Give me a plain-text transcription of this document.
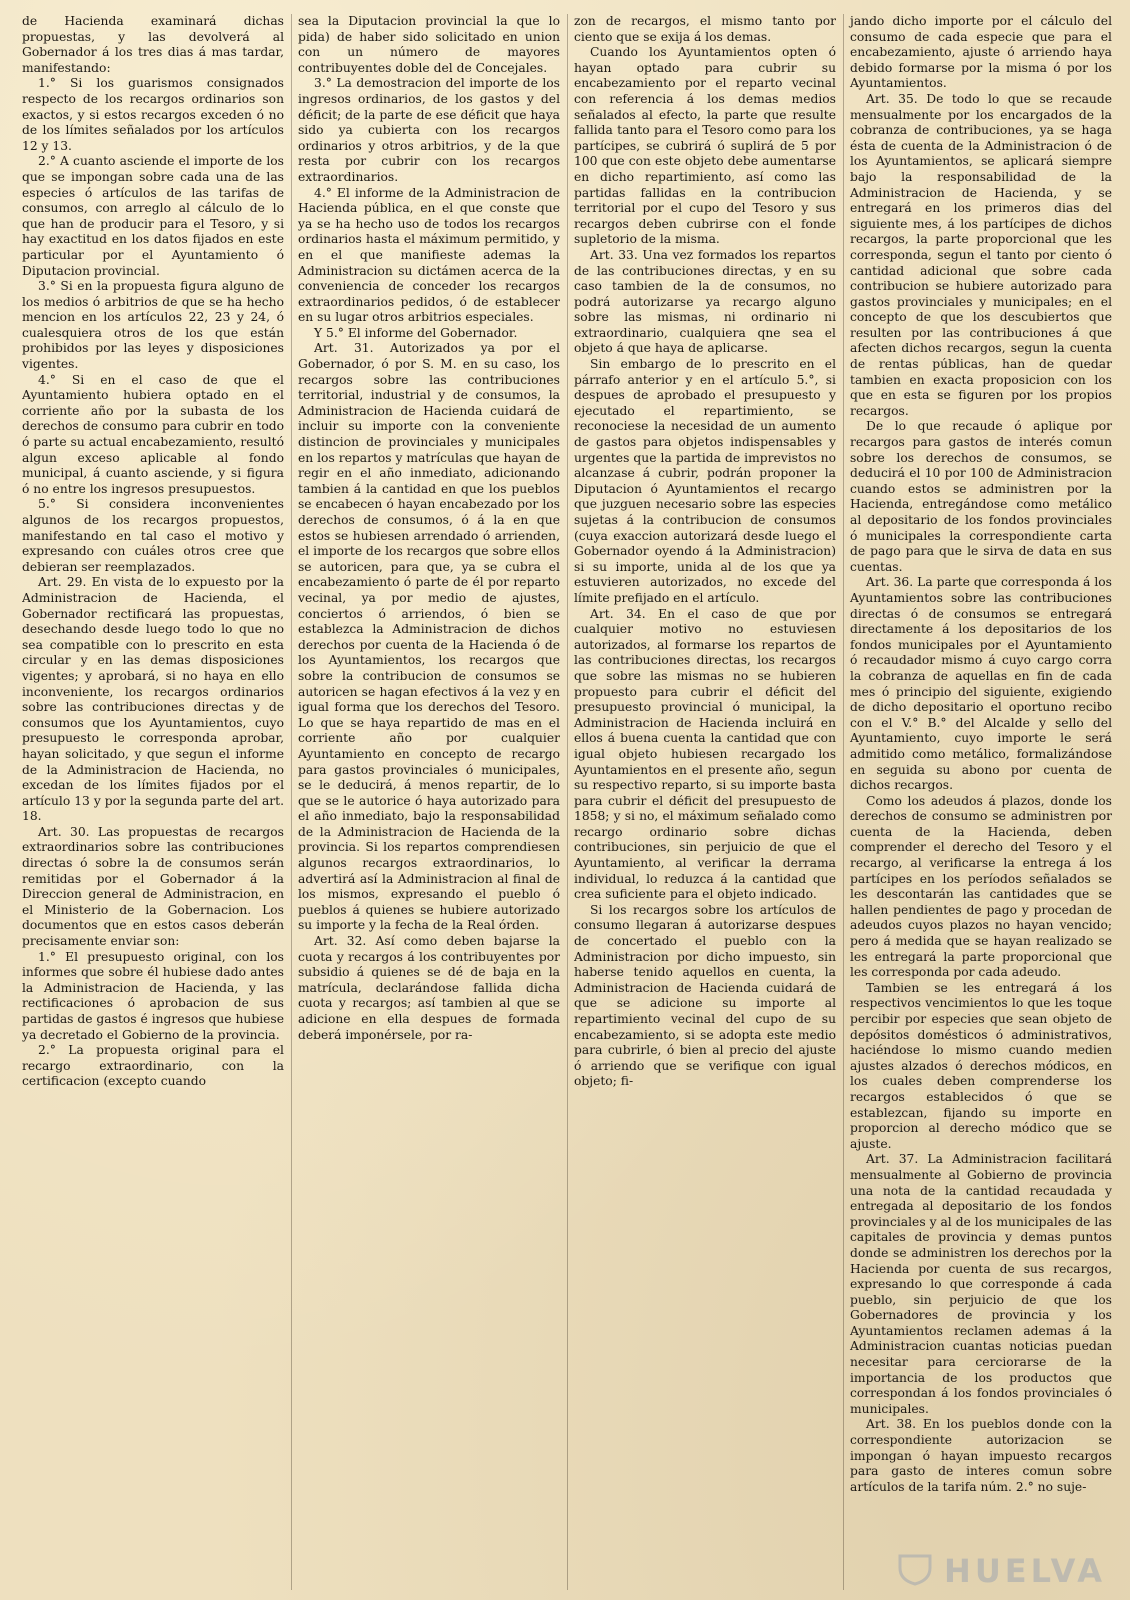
de Hacienda examinará dichas propuestas, y las devolverá al Gobernador á los tres dias á mas tardar, manifestando:

1.° Si los guarismos consignados respecto de los recargos ordinarios son exactos, y si estos recargos exceden ó no de los límites señalados por los artículos 12 y 13.

2.° A cuanto asciende el importe de los que se impongan sobre cada una de las especies ó artículos de las tarifas de consumos, con arreglo al cálculo de lo que han de producir para el Tesoro, y si hay exactitud en los datos fijados en este particular por el Ayuntamiento ó Diputacion provincial.

3.° Si en la propuesta figura alguno de los medios ó arbitrios de que se ha hecho mencion en los artículos 22, 23 y 24, ó cualesquiera otros de los que están prohibidos por las leyes y disposiciones vigentes.

4.° Si en el caso de que el Ayuntamiento hubiera optado en el corriente año por la subasta de los derechos de consumo para cubrir en todo ó parte su actual encabezamiento, resultó algun exceso aplicable al fondo municipal, á cuanto asciende, y si figura ó no entre los ingresos presupuestos.

5.° Si considera inconvenientes algunos de los recargos propuestos, manifestando en tal caso el motivo y expresando con cuáles otros cree que debieran ser reemplazados.

Art. 29. En vista de lo expuesto por la Administracion de Hacienda, el Gobernador rectificará las propuestas, desechando desde luego todo lo que no sea compatible con lo prescrito en esta circular y en las demas disposiciones vigentes; y aprobará, si no haya en ello inconveniente, los recargos ordinarios sobre las contribuciones directas y de consumos que los Ayuntamientos, cuyo presupuesto le corresponda aprobar, hayan solicitado, y que segun el informe de la Administracion de Hacienda, no excedan de los límites fijados por el artículo 13 y por la segunda parte del art. 18.

Art. 30. Las propuestas de recargos extraordinarios sobre las contribuciones directas ó sobre la de consumos serán remitidas por el Gobernador á la Direccion general de Administracion, en el Ministerio de la Gobernacion. Los documentos que en estos casos deberán precisamente enviar son:

1.° El presupuesto original, con los informes que sobre él hubiese dado antes la Administracion de Hacienda, y las rectificaciones ó aprobacion de sus partidas de gastos é ingresos que hubiese ya decretado el Gobierno de la provincia.

2.° La propuesta original para el recargo extraordinario, con la certificacion (excepto cuando

sea la Diputacion provincial la que lo pida) de haber sido solicitado en union con un número de mayores contribuyentes doble del de Concejales.

3.° La demostracion del importe de los ingresos ordinarios, de los gastos y del déficit; de la parte de ese déficit que haya sido ya cubierta con los recargos ordinarios y otros arbitrios, y de la que resta por cubrir con los recargos extraordinarios.

4.° El informe de la Administracion de Hacienda pública, en el que conste que ya se ha hecho uso de todos los recargos ordinarios hasta el máximum permitido, y en el que manifieste ademas la Administracion su dictámen acerca de la conveniencia de conceder los recargos extraordinarios pedidos, ó de establecer en su lugar otros arbitrios especiales.

Y 5.° El informe del Gobernador.

Art. 31. Autorizados ya por el Gobernador, ó por S. M. en su caso, los recargos sobre las contribuciones territorial, industrial y de consumos, la Administracion de Hacienda cuidará de incluir su importe con la conveniente distincion de provinciales y municipales en los repartos y matrículas que hayan de regir en el año inmediato, adicionando tambien á la cantidad en que los pueblos se encabecen ó hayan encabezado por los derechos de consumos, ó á la en que estos se hubiesen arrendado ó arrienden, el importe de los recargos que sobre ellos se autoricen, para que, ya se cubra el encabezamiento ó parte de él por reparto vecinal, ya por medio de ajustes, conciertos ó arriendos, ó bien se establezca la Administracion de dichos derechos por cuenta de la Hacienda ó de los Ayuntamientos, los recargos que sobre la contribucion de consumos se autoricen se hagan efectivos á la vez y en igual forma que los derechos del Tesoro. Lo que se haya repartido de mas en el corriente año por cualquier Ayuntamiento en concepto de recargo para gastos provinciales ó municipales, se le deducirá, á menos repartir, de lo que se le autorice ó haya autorizado para el año inmediato, bajo la responsabilidad de la Administracion de Hacienda de la provincia. Si los repartos comprendiesen algunos recargos extraordinarios, lo advertirá así la Administracion al final de los mismos, expresando el pueblo ó pueblos á quienes se hubiere autorizado su importe y la fecha de la Real órden.

Art. 32. Así como deben bajarse la cuota y recargos á los contribuyentes por subsidio á quienes se dé de baja en la matrícula, declarándose fallida dicha cuota y recargos; así tambien al que se adicione en ella despues de formada deberá imponérsele, por ra-

zon de recargos, el mismo tanto por ciento que se exija á los demas.

Cuando los Ayuntamientos opten ó hayan optado para cubrir su encabezamiento por el reparto vecinal con referencia á los demas medios señalados al efecto, la parte que resulte fallida tanto para el Tesoro como para los partícipes, se cubrirá ó suplirá de 5 por 100 que con este objeto debe aumentarse en dicho repartimiento, así como las partidas fallidas en la contribucion territorial por el cupo del Tesoro y sus recargos deben cubrirse con el fonde supletorio de la misma.

Art. 33. Una vez formados los repartos de las contribuciones directas, y en su caso tambien de la de consumos, no podrá autorizarse ya recargo alguno sobre las mismas, ni ordinario ni extraordinario, cualquiera qne sea el objeto á que haya de aplicarse.

Sin embargo de lo prescrito en el párrafo anterior y en el artículo 5.°, si despues de aprobado el presupuesto y ejecutado el repartimiento, se reconociese la necesidad de un aumento de gastos para objetos indispensables y urgentes que la partida de imprevistos no alcanzase á cubrir, podrán proponer la Diputacion ó Ayuntamientos el recargo que juzguen necesario sobre las especies sujetas á la contribucion de consumos (cuya exaccion autorizará desde luego el Gobernador oyendo á la Administracion) si su importe, unida al de los que ya estuvieren autorizados, no excede del límite prefijado en el artículo.

Art. 34. En el caso de que por cualquier motivo no estuviesen autorizados, al formarse los repartos de las contribuciones directas, los recargos que sobre las mismas no se hubieren propuesto para cubrir el déficit del presupuesto provincial ó municipal, la Administracion de Hacienda incluirá en ellos á buena cuenta la cantidad que con igual objeto hubiesen recargado los Ayuntamientos en el presente año, segun su respectivo reparto, si su importe basta para cubrir el déficit del presupuesto de 1858; y si no, el máximum señalado como recargo ordinario sobre dichas contribuciones, sin perjuicio de que el Ayuntamiento, al verificar la derrama individual, lo reduzca á la cantidad que crea suficiente para el objeto indicado.

Si los recargos sobre los artículos de consumo llegaran á autorizarse despues de concertado el pueblo con la Administracion por dicho impuesto, sin haberse tenido aquellos en cuenta, la Administracion de Hacienda cuidará de que se adicione su importe al repartimiento vecinal del cupo de su encabezamiento, si se adopta este medio para cubrirle, ó bien al precio del ajuste ó arriendo que se verifique con igual objeto; fi-

jando dicho importe por el cálculo del consumo de cada especie que para el encabezamiento, ajuste ó arriendo haya debido formarse por la misma ó por los Ayuntamientos.

Art. 35. De todo lo que se recaude mensualmente por los encargados de la cobranza de contribuciones, ya se haga ésta de cuenta de la Administracion ó de los Ayuntamientos, se aplicará siempre bajo la responsabilidad de la Administracion de Hacienda, y se entregará en los primeros dias del siguiente mes, á los partícipes de dichos recargos, la parte proporcional que les corresponda, segun el tanto por ciento ó cantidad adicional que sobre cada contribucion se hubiere autorizado para gastos provinciales y municipales; en el concepto de que los descubiertos que resulten por las contribuciones á que afecten dichos recargos, segun la cuenta de rentas públicas, han de quedar tambien en exacta proposicion con los que en esta se figuren por los propios recargos.

De lo que recaude ó aplique por recargos para gastos de interés comun sobre los derechos de consumos, se deducirá el 10 por 100 de Administracion cuando estos se administren por la Hacienda, entregándose como metálico al depositario de los fondos provinciales ó municipales la correspondiente carta de pago para que le sirva de data en sus cuentas.

Art. 36. La parte que corresponda á los Ayuntamientos sobre las contribuciones directas ó de consumos se entregará directamente á los depositarios de los fondos municipales por el Ayuntamiento ó recaudador mismo á cuyo cargo corra la cobranza de aquellas en fin de cada mes ó principio del siguiente, exigiendo de dicho depositario el oportuno recibo con el V.° B.° del Alcalde y sello del Ayuntamiento, cuyo importe le será admitido como metálico, formalizándose en seguida su abono por cuenta de dichos recargos.

Como los adeudos á plazos, donde los derechos de consumo se administren por cuenta de la Hacienda, deben comprender el derecho del Tesoro y el recargo, al verificarse la entrega á los partícipes en los períodos señalados se les descontarán las cantidades que se hallen pendientes de pago y procedan de adeudos cuyos plazos no hayan vencido; pero á medida que se hayan realizado se les entregará la parte proporcional que les corresponda por cada adeudo.

Tambien se les entregará á los respectivos vencimientos lo que les toque percibir por especies que sean objeto de depósitos domésticos ó administrativos, haciéndose lo mismo cuando medien ajustes alzados ó derechos módicos, en los cuales deben comprenderse los recargos establecidos ó que se establezcan, fijando su importe en proporcion al derecho módico que se ajuste.

Art. 37. La Administracion facilitará mensualmente al Gobierno de provincia una nota de la cantidad recaudada y entregada al depositario de los fondos provinciales y al de los municipales de las capitales de provincia y demas puntos donde se administren los derechos por la Hacienda por cuenta de sus recargos, expresando lo que corresponde á cada pueblo, sin perjuicio de que los Gobernadores de provincia y los Ayuntamientos reclamen ademas á la Administracion cuantas noticias puedan necesitar para cerciorarse de la importancia de los productos que correspondan á los fondos provinciales ó municipales.

Art. 38. En los pueblos donde con la correspondiente autorizacion se impongan ó hayan impuesto recargos para gasto de interes comun sobre artículos de la tarifa núm. 2.° no suje-

HUELVA
